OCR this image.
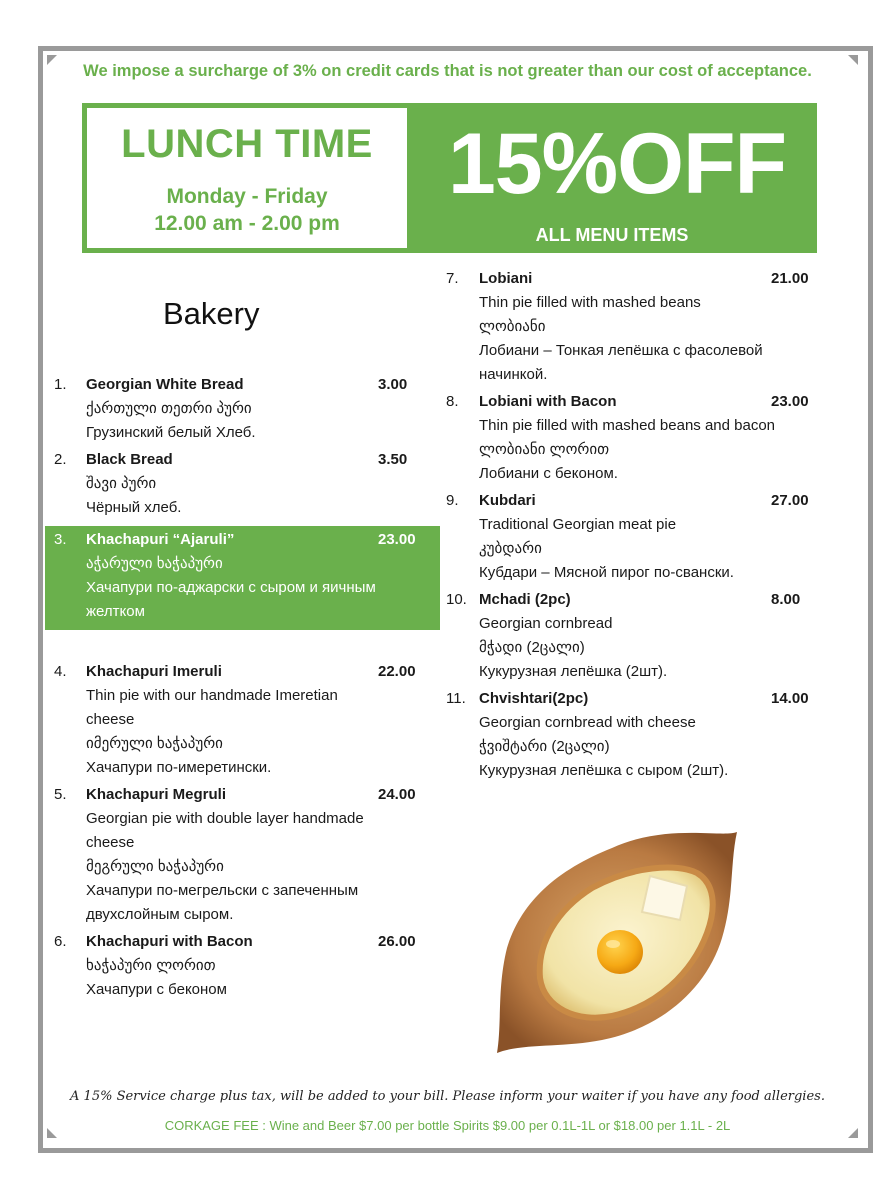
We impose a surcharge of 3% on credit cards that is not greater than our cost of acceptance.
LUNCH TIME
Monday - Friday
12.00 am - 2.00 pm
15%OFF
ALL MENU ITEMS
Bakery
1. Georgian White Bread	3.00
ქართული თეთრი პური
Грузинский белый Хлеб.
2. Black Bread	3.50
შავი პური
Чёрный хлеб.
3. Khachapuri “Ajaruli”	23.00
აჭარული ხაჭაპური
Хачапури по-аджарски с сыром и яичным желтком
4. Khachapuri Imeruli	22.00
Thin pie with our handmade Imeretian cheese
იმერული ხაჭაპური
Хачапури по-имеретински.
5. Khachapuri Megruli	24.00
Georgian pie with double layer handmade cheese
მეგრული ხაჭაპური
Хачапури по-мегрельски с запеченным двухслойным сыром.
6. Khachapuri with Bacon	26.00
ხაჭაპური ლორით
Хачапури с беконом
7. Lobiani	21.00
Thin pie filled with mashed beans
ლობიანი
Лобиани – Тонкая лепёшка с фасолевой начинкой.
8. Lobiani with Bacon	23.00
Thin pie filled with mashed beans and bacon
ლობიანი ლორით
Лобиани с беконом.
9. Kubdari	27.00
Traditional Georgian meat pie
კუბდარი
Кубдари – Мясной пирог по-свански.
10. Mchadi (2pc)	8.00
Georgian cornbread
მჭადი (2ცალი)
Кукурузная лепёшка (2шт).
11. Chvishtari(2pc)	14.00
Georgian cornbread with cheese
ჭვიშტარი (2ცალი)
Кукурузная лепёшка с сыром (2шт).
A 15% Service charge plus tax, will be added to your bill. Please inform your waiter if you have any food allergies.
CORKAGE FEE : Wine and Beer $7.00 per bottle Spirits $9.00 per 0.1L-1L or $18.00 per 1.1L - 2L
